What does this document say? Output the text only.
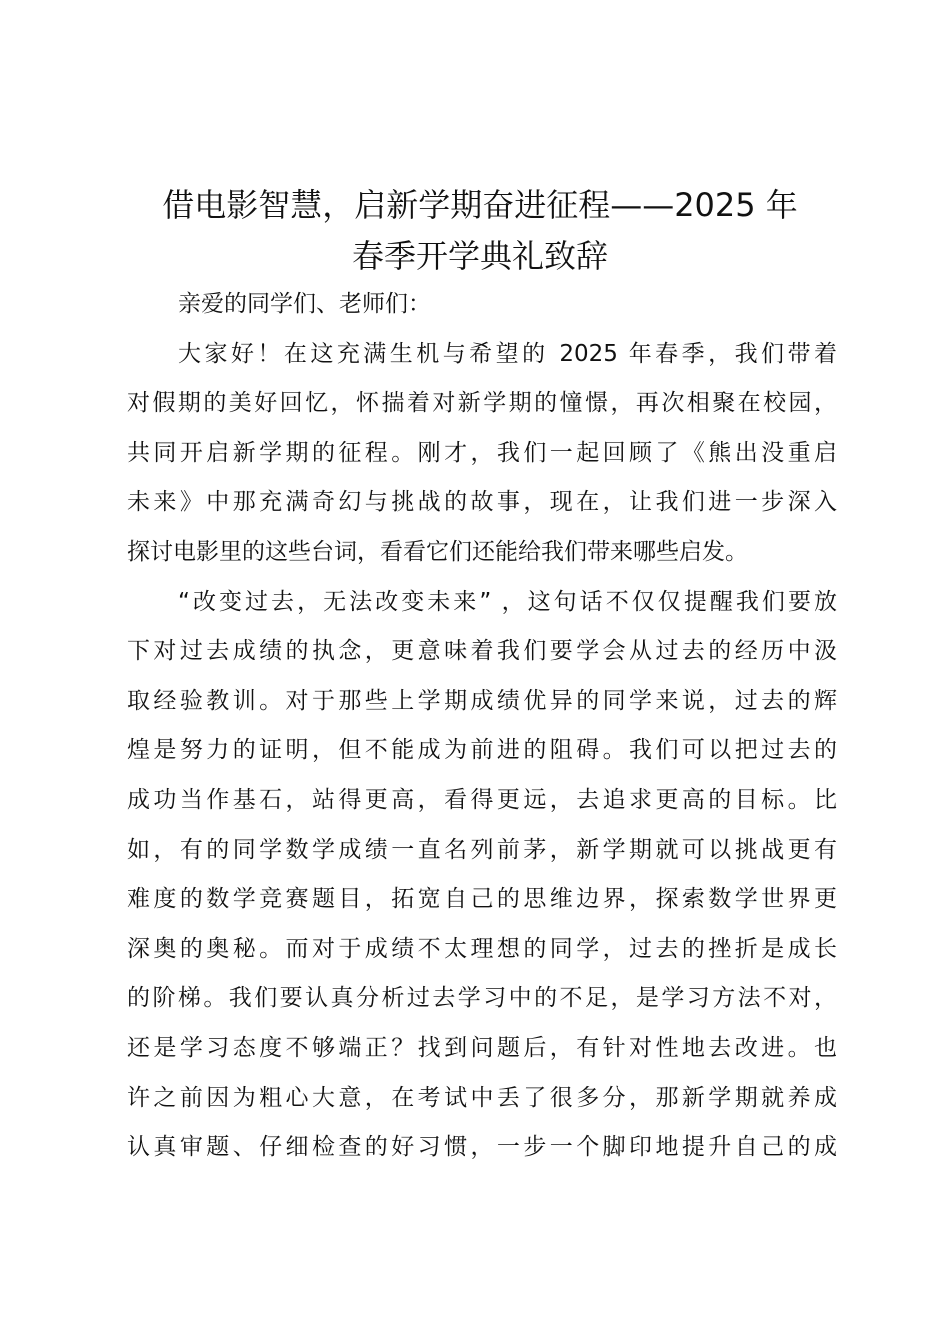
借电影智慧，启新学期奋进征程——2025 年
春季开学典礼致辞

亲爱的同学们、老师们：

大家好！在这充满生机与希望的 2025 年春季，我们带着
对假期的美好回忆，怀揣着对新学期的憧憬，再次相聚在校园，
共同开启新学期的征程。刚才，我们一起回顾了《熊出没重启
未来》中那充满奇幻与挑战的故事，现在，让我们进一步深入
探讨电影里的这些台词，看看它们还能给我们带来哪些启发。

“改变过去，无法改变未来” ，这句话不仅仅提醒我们要放
下对过去成绩的执念，更意味着我们要学会从过去的经历中汲
取经验教训。对于那些上学期成绩优异的同学来说，过去的辉
煌是努力的证明，但不能成为前进的阻碍。我们可以把过去的
成功当作基石，站得更高，看得更远，去追求更高的目标。比
如，有的同学数学成绩一直名列前茅，新学期就可以挑战更有
难度的数学竞赛题目，拓宽自己的思维边界，探索数学世界更
深奥的奥秘。而对于成绩不太理想的同学，过去的挫折是成长
的阶梯。我们要认真分析过去学习中的不足，是学习方法不对，
还是学习态度不够端正？找到问题后，有针对性地去改进。也
许之前因为粗心大意，在考试中丢了很多分，那新学期就养成
认真审题、仔细检查的好习惯，一步一个脚印地提升自己的成
